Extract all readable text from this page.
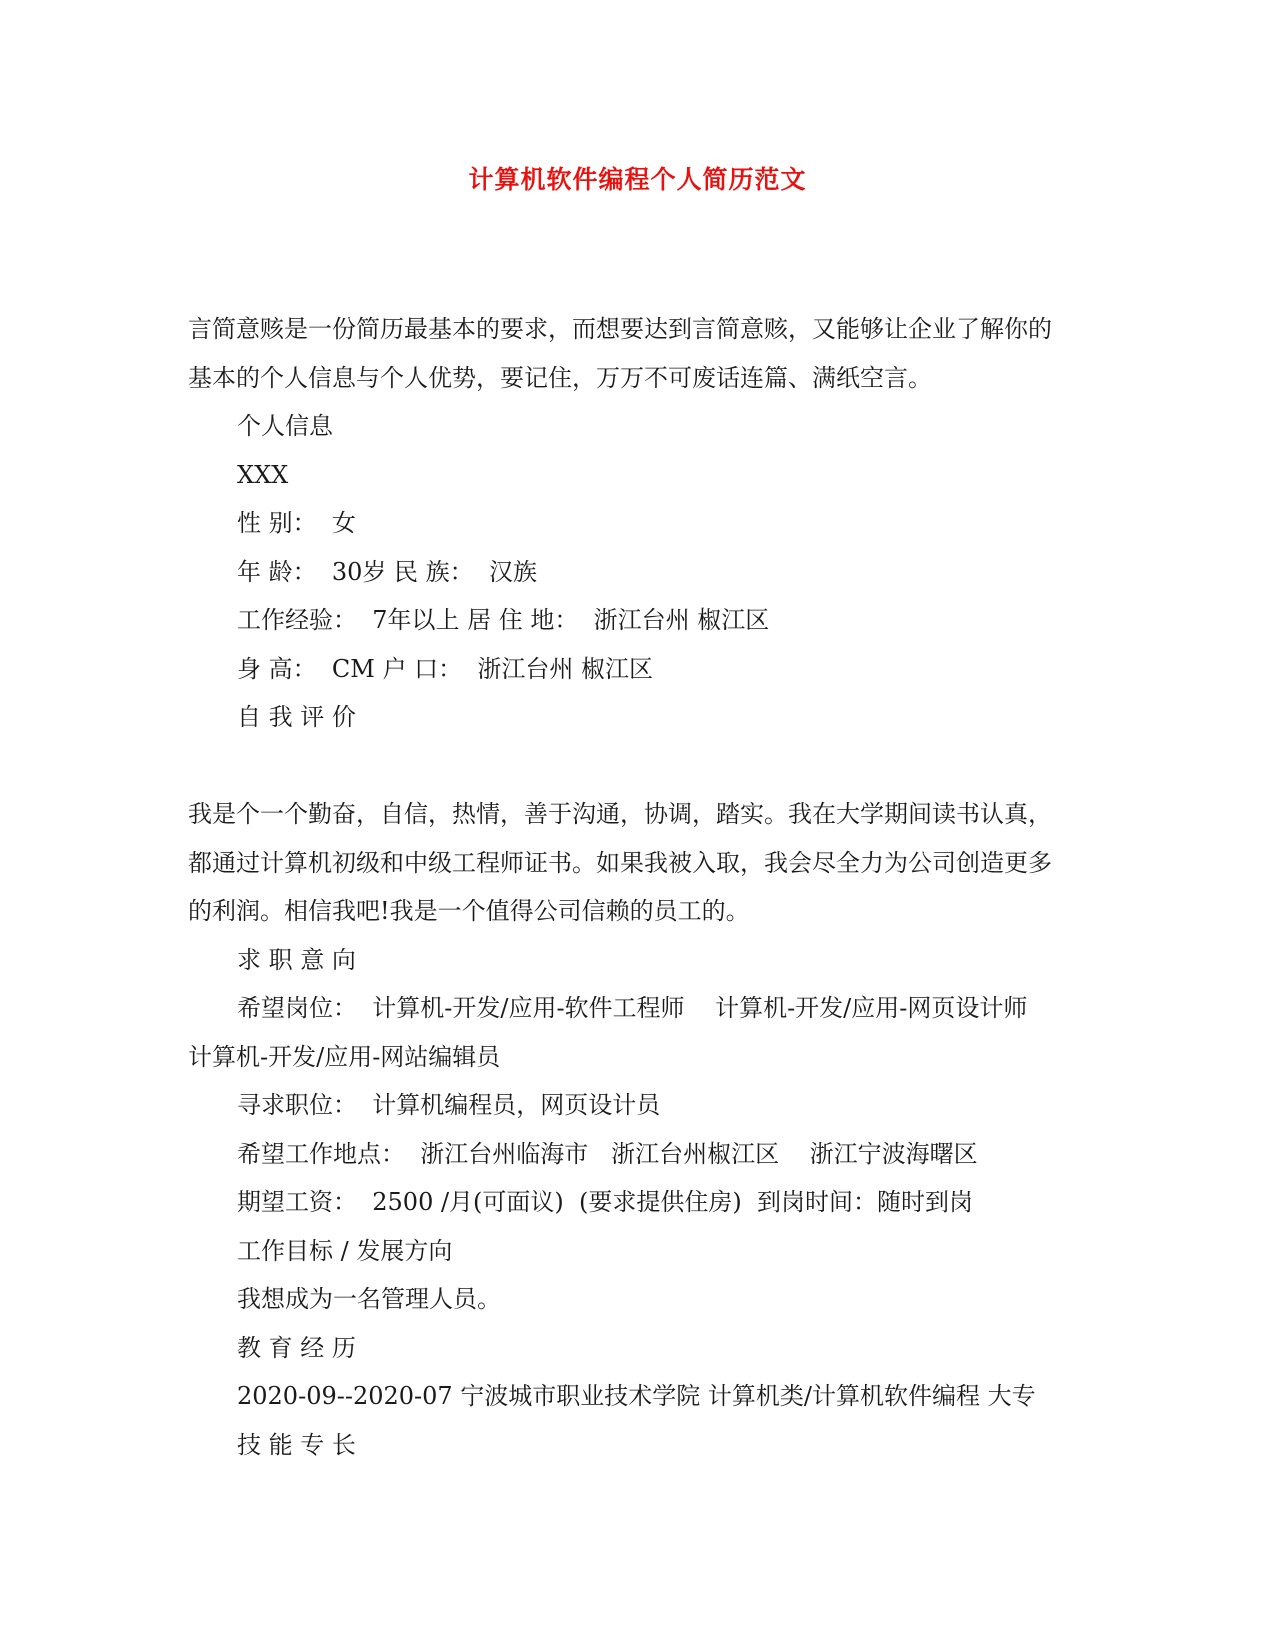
计算机软件编程个人简历范文

言简意赅是一份简历最基本的要求，而想要达到言简意赅，又能够让企业了解你的

基本的个人信息与个人优势，要记住，万万不可废话连篇、满纸空言。

个人信息

XXX

性 别：  女

年 龄：  30岁 民 族：  汉族

工作经验：  7年以上 居 住 地：  浙江台州 椒江区

身 高：  CM 户 口：  浙江台州 椒江区

自 我 评 价

我是个一个勤奋，自信，热情，善于沟通，协调，踏实。我在大学期间读书认真，

都通过计算机初级和中级工程师证书。如果我被入取，我会尽全力为公司创造更多

的利润。相信我吧!我是一个值得公司信赖的员工的。

求 职 意 向

希望岗位：  计算机-开发/应用-软件工程师    计算机-开发/应用-网页设计师

计算机-开发/应用-网站编辑员

寻求职位：  计算机编程员，网页设计员

希望工作地点：  浙江台州临海市   浙江台州椒江区    浙江宁波海曙区

期望工资：  2500 /月(可面议)  (要求提供住房)  到岗时间：随时到岗

工作目标 / 发展方向

我想成为一名管理人员。

教 育 经 历

2020-09--2020-07 宁波城市职业技术学院 计算机类/计算机软件编程 大专

技 能 专 长
